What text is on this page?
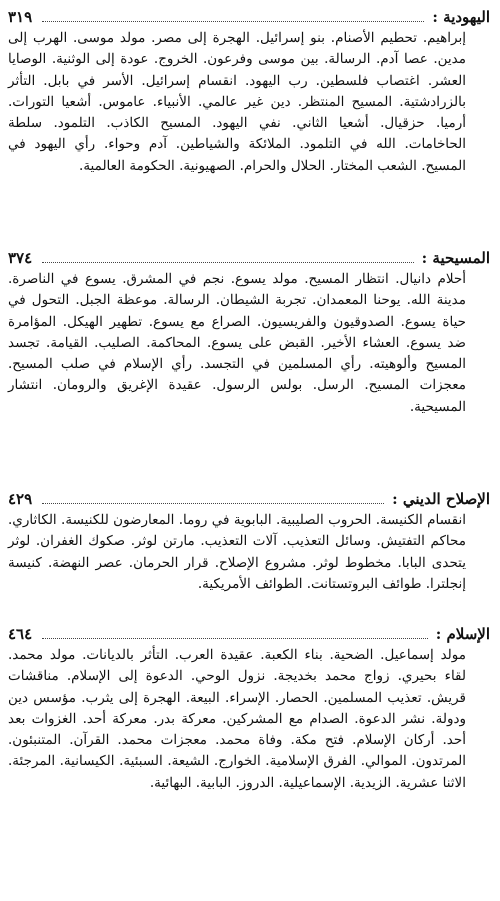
اليهودية :
٣١٩
إبراهيم. تحطيم الأصنام. بنو إسرائيل. الهجرة إلى مصر. مولد موسى. الهرب إلى مدين. عصا آدم. الرسالة. بين موسى وفرعون. الخروج. عودة إلى الوثنية. الوصايا العشر. اغتصاب فلسطين. رب اليهود. انقسام إسرائيل. الأسر في بابل. التأثر بالزرادشتية. المسيح المنتظر. دين غير عالمي. الأنبياء. عاموس. أشعيا التورات. أرميا. حزقيال. أشعيا الثاني. نفي اليهود. المسيح الكاذب. التلمود. سلطة الحاخامات. الله في التلمود. الملائكة والشياطين. آدم وحواء. رأي اليهود في المسيح. الشعب المختار. الحلال والحرام. الصهيونية. الحكومة العالمية.
المسيحية :
٣٧٤
أحلام دانيال. انتظار المسيح. مولد يسوع. نجم في المشرق. يسوع في الناصرة. مدينة الله. يوحنا المعمدان. تجربة الشيطان. الرسالة. موعظة الجبل. التحول في حياة يسوع. الصدوقيون والفريسيون. الصراع مع يسوع. تطهير الهيكل. المؤامرة ضد يسوع. العشاء الأخير. القبض على يسوع. المحاكمة. الصليب. القيامة. تجسد المسيح وألوهيته. رأي المسلمين في التجسد. رأي الإسلام في صلب المسيح. معجزات المسيح. الرسل. بولس الرسول. عقيدة الإغريق والرومان. انتشار المسيحية.
الإصلاح الديني :
٤٢٩
انقسام الكنيسة. الحروب الصليبية. البابوية في روما. المعارضون للكنيسة. الكاثاري. محاكم التفتيش. وسائل التعذيب. آلات التعذيب. مارتن لوثر. صكوك الغفران. لوثر يتحدى البابا. مخطوط لوثر. مشروع الإصلاح. قرار الحرمان. عصر النهضة. كنيسة إنجلترا. طوائف البروتستانت. الطوائف الأمريكية.
الإسلام :
٤٦٤
مولد إسماعيل. الضحية. بناء الكعبة. عقيدة العرب. التأثر بالديانات. مولد محمد. لقاء بحيري. زواج محمد بخديجة. نزول الوحي. الدعوة إلى الإسلام. مناقشات قريش. تعذيب المسلمين. الحصار. الإسراء. البيعة. الهجرة إلى يثرب. مؤسس دين ودولة. نشر الدعوة. الصدام مع المشركين. معركة بدر. معركة أحد. الغزوات بعد أحد. أركان الإسلام. فتح مكة. وفاة محمد. معجزات محمد. القرآن. المتنبئون. المرتدون. الموالي. الفرق الإسلامية. الخوارج. الشيعة. السبئية. الكيسانية. المرجئة. الاثنا عشرية. الزيدية. الإسماعيلية. الدروز. البابية. البهائية.
